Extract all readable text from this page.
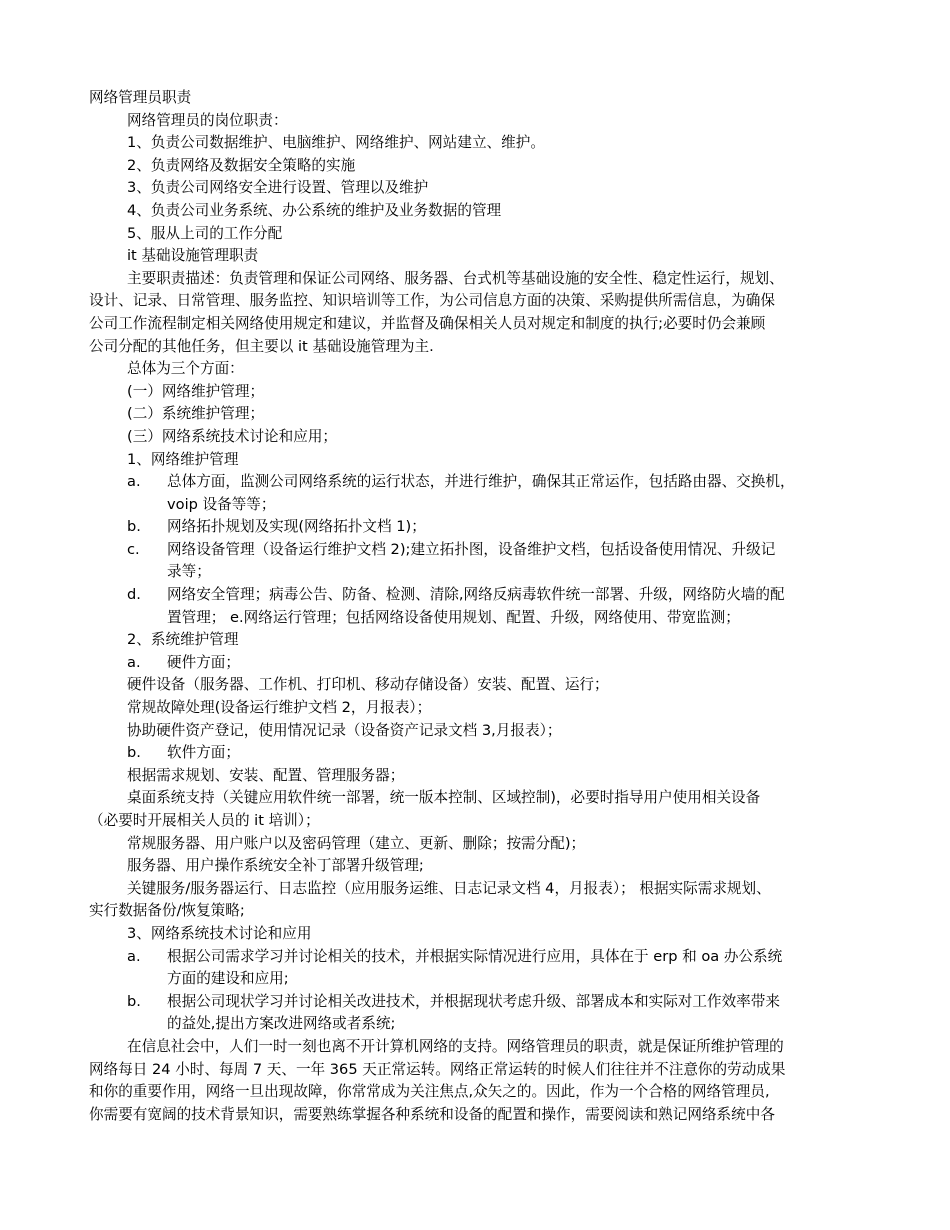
网络管理员职责
网络管理员的岗位职责：
1、负责公司数据维护、电脑维护、网络维护、网站建立、维护。
2、负责网络及数据安全策略的实施
3、负责公司网络安全进行设置、管理以及维护
4、负责公司业务系统、办公系统的维护及业务数据的管理
5、服从上司的工作分配
it 基础设施管理职责
主要职责描述：负责管理和保证公司网络、服务器、台式机等基础设施的安全性、稳定性运行，规划、
设计、记录、日常管理、服务监控、知识培训等工作，为公司信息方面的决策、采购提供所需信息，为确保
公司工作流程制定相关网络使用规定和建议，并监督及确保相关人员对规定和制度的执行;必要时仍会兼顾
公司分配的其他任务，但主要以 it 基础设施管理为主.
总体为三个方面：
(一）网络维护管理；
(二）系统维护管理；
(三）网络系统技术讨论和应用；
1、网络维护管理
a.	总体方面，监测公司网络系统的运行状态，并进行维护，确保其正常运作，包括路由器、交换机，
voip 设备等等；
b.	网络拓扑规划及实现(网络拓扑文档 1)；
c.	网络设备管理（设备运行维护文档 2);建立拓扑图，设备维护文档，包括设备使用情况、升级记
录等；
d.	网络安全管理；病毒公告、防备、检测、清除,网络反病毒软件统一部署、升级，网络防火墙的配
置管理； e.网络运行管理；包括网络设备使用规划、配置、升级，网络使用、带宽监测；
2、系统维护管理
a.	硬件方面；
硬件设备（服务器、工作机、打印机、移动存储设备）安装、配置、运行；
常规故障处理(设备运行维护文档 2，月报表）；
协助硬件资产登记，使用情况记录（设备资产记录文档 3,月报表）；
b.	软件方面；
根据需求规划、安装、配置、管理服务器；
桌面系统支持（关键应用软件统一部署，统一版本控制、区域控制)，必要时指导用户使用相关设备
（必要时开展相关人员的 it 培训）；
常规服务器、用户账户以及密码管理（建立、更新、删除；按需分配)；
服务器、用户操作系统安全补丁部署升级管理;
关键服务/服务器运行、日志监控（应用服务运维、日志记录文档 4，月报表）； 根据实际需求规划、
实行数据备份/恢复策略;
3、网络系统技术讨论和应用
a.	根据公司需求学习并讨论相关的技术，并根据实际情况进行应用，具体在于 erp 和 oa 办公系统
方面的建设和应用;
b.	根据公司现状学习并讨论相关改进技术，并根据现状考虑升级、部署成本和实际对工作效率带来
的益处,提出方案改进网络或者系统;
在信息社会中，人们一时一刻也离不开计算机网络的支持。网络管理员的职责，就是保证所维护管理的
网络每日 24 小时、每周 7 天、一年 365 天正常运转。网络正常运转的时候人们往往并不注意你的劳动成果
和你的重要作用，网络一旦出现故障，你常常成为关注焦点,众矢之的。因此，作为一个合格的网络管理员,
你需要有宽阔的技术背景知识，需要熟练掌握各种系统和设备的配置和操作，需要阅读和熟记网络系统中各
